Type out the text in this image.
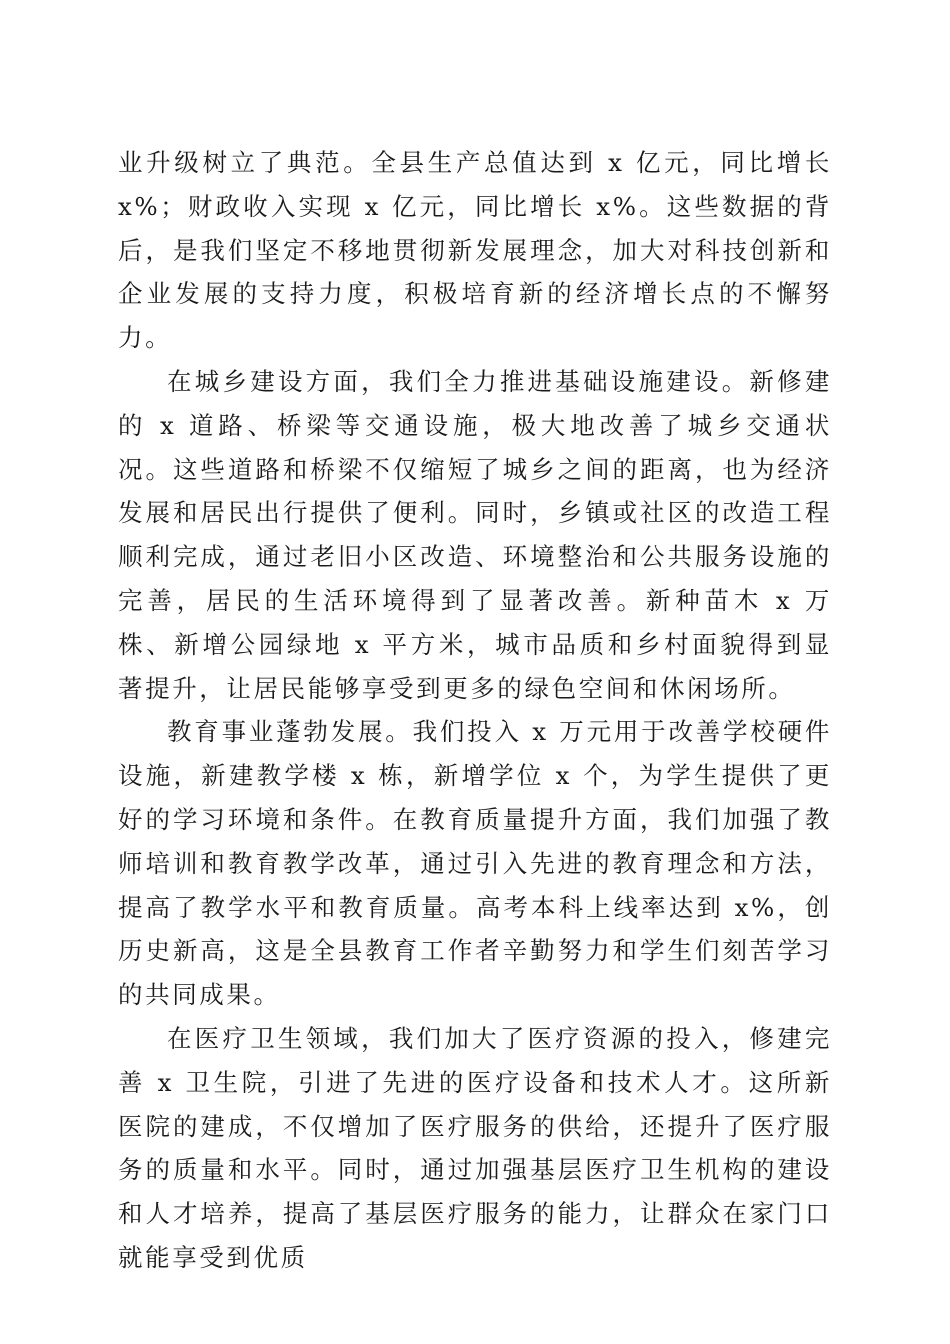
业升级树立了典范。全县生产总值达到 x 亿元，同比增长 x%；财政收入实现 x 亿元，同比增长 x%。这些数据的背后，是我们坚定不移地贯彻新发展理念，加大对科技创新和企业发展的支持力度，积极培育新的经济增长点的不懈努力。

在城乡建设方面，我们全力推进基础设施建设。新修建的 x 道路、桥梁等交通设施，极大地改善了城乡交通状况。这些道路和桥梁不仅缩短了城乡之间的距离，也为经济发展和居民出行提供了便利。同时，乡镇或社区的改造工程顺利完成，通过老旧小区改造、环境整治和公共服务设施的完善，居民的生活环境得到了显著改善。新种苗木 x 万株、新增公园绿地 x 平方米，城市品质和乡村面貌得到显著提升，让居民能够享受到更多的绿色空间和休闲场所。

教育事业蓬勃发展。我们投入 x 万元用于改善学校硬件设施，新建教学楼 x 栋，新增学位 x 个，为学生提供了更好的学习环境和条件。在教育质量提升方面，我们加强了教师培训和教育教学改革，通过引入先进的教育理念和方法，提高了教学水平和教育质量。高考本科上线率达到 x%，创历史新高，这是全县教育工作者辛勤努力和学生们刻苦学习的共同成果。

在医疗卫生领域，我们加大了医疗资源的投入，修建完善 x 卫生院，引进了先进的医疗设备和技术人才。这所新医院的建成，不仅增加了医疗服务的供给，还提升了医疗服务的质量和水平。同时，通过加强基层医疗卫生机构的建设和人才培养，提高了基层医疗服务的能力，让群众在家门口就能享受到优质
